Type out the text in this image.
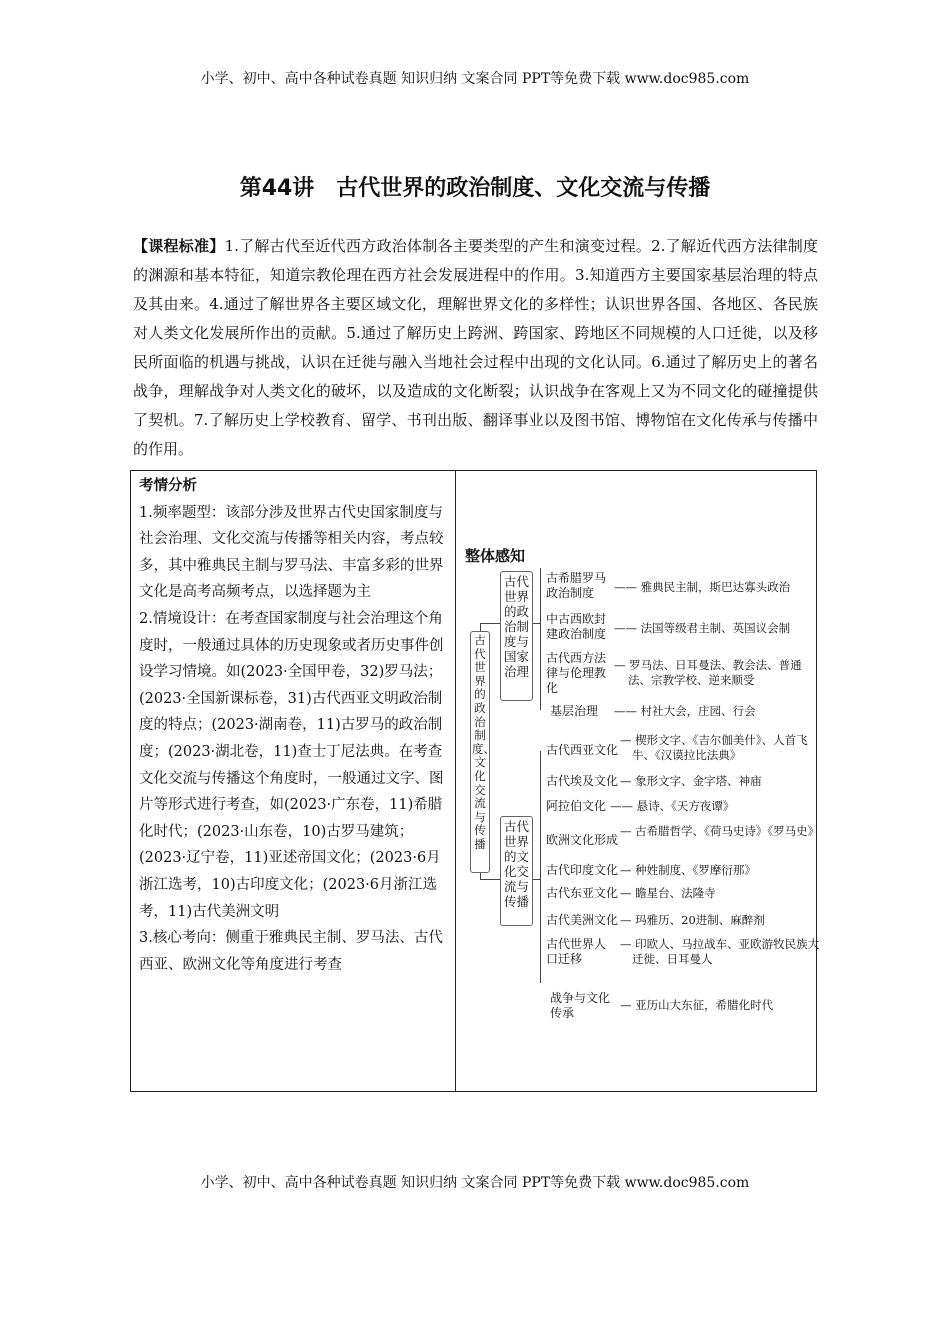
小学、初中、高中各种试卷真题 知识归纳 文案合同 PPT等免费下载 www.doc985.com
第44讲　古代世界的政治制度、文化交流与传播
【课程标准】1.了解古代至近代西方政治体制各主要类型的产生和演变过程。2.了解近代西方法律制度的渊源和基本特征，知道宗教伦理在西方社会发展进程中的作用。3.知道西方主要国家基层治理的特点及其由来。4.通过了解世界各主要区域文化，理解世界文化的多样性；认识世界各国、各地区、各民族对人类文化发展所作出的贡献。5.通过了解历史上跨洲、跨国家、跨地区不同规模的人口迁徙，以及移民所面临的机遇与挑战，认识在迁徙与融入当地社会过程中出现的文化认同。6.通过了解历史上的著名战争，理解战争对人类文化的破坏，以及造成的文化断裂；认识战争在客观上又为不同文化的碰撞提供了契机。7.了解历史上学校教育、留学、书刊出版、翻译事业以及图书馆、博物馆在文化传承与传播中的作用。
考情分析
1.频率题型：该部分涉及世界古代史国家制度与社会治理、文化交流与传播等相关内容，考点较多，其中雅典民主制与罗马法、丰富多彩的世界文化是高考高频考点，以选择题为主
2.情境设计：在考查国家制度与社会治理这个角度时，一般通过具体的历史现象或者历史事件创设学习情境。如(2023·全国甲卷，32)罗马法；(2023·全国新课标卷，31)古代西亚文明政治制度的特点；(2023·湖南卷，11)古罗马的政治制度；(2023·湖北卷，11)查士丁尼法典。在考查文化交流与传播这个角度时，一般通过文字、图片等形式进行考查，如(2023·广东卷，11)希腊化时代；(2023·山东卷，10)古罗马建筑；(2023·辽宁卷，11)亚述帝国文化；(2023·6月浙江选考，10)古印度文化；(2023·6月浙江选考，11)古代美洲文明
3.核心考向：侧重于雅典民主制、罗马法、古代西亚、欧洲文化等角度进行考查
整体感知
古代世界的政治制度、文化交流与传播
古代世界的政治制度与国家治理
古希腊罗马政治制度	—— 雅典民主制，斯巴达寡头政治
中古西欧封建政治制度 —— 法国等级君主制、英国议会制
古代西方法律与伦理教化
— 罗马法、日耳曼法、教会法、普通法、宗教学校、逆来顺受
基层治理 —— 村社大会，庄园、行会
古代世界的文化交流与传播
古代西亚文化
— 楔形文字、《吉尔伽美什》、人首飞牛、《汉谟拉比法典》
古代埃及文化 — 象形文字、金字塔、神庙
阿拉伯文化 —— 悬诗、《天方夜谭》
欧洲文化形成
— 古希腊哲学、《荷马史诗》《罗马史》
古代印度文化 — 种姓制度、《罗摩衍那》
古代东亚文化 — 瞻星台、法隆寺
古代美洲文化 — 玛雅历、20进制、麻醉剂
古代世界人口迁移
— 印欧人、马拉战车、亚欧游牧民族大迁徙、日耳曼人
战争与文化传承
— 亚历山大东征，希腊化时代
小学、初中、高中各种试卷真题 知识归纳 文案合同 PPT等免费下载 www.doc985.com
